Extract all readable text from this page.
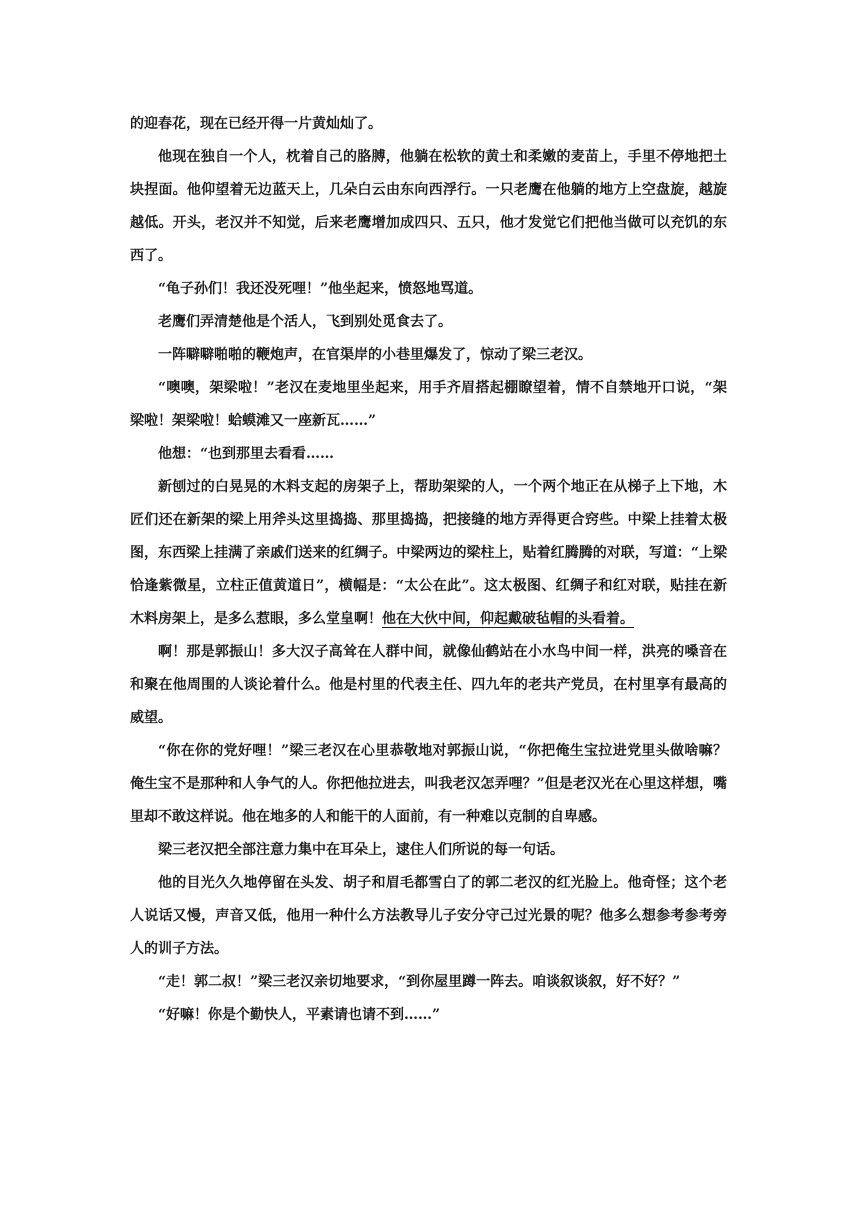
的迎春花，现在已经开得一片黄灿灿了。

他现在独自一个人，枕着自己的胳膊，他躺在松软的黄土和柔嫩的麦苗上，手里不停地把土块捏面。他仰望着无边蓝天上，几朵白云由东向西浮行。一只老鹰在他躺的地方上空盘旋，越旋越低。开头，老汉并不知觉，后来老鹰增加成四只、五只，他才发觉它们把他当做可以充饥的东西了。

“龟子孙们！我还没死哩！”他坐起来，愤怒地骂道。

老鹰们弄清楚他是个活人，飞到别处觅食去了。

一阵噼噼啪啪的鞭炮声，在官渠岸的小巷里爆发了，惊动了梁三老汉。

“噢噢，架梁啦！”老汉在麦地里坐起来，用手齐眉搭起棚瞭望着，情不自禁地开口说，“架梁啦！架梁啦！蛤蟆滩又一座新瓦……”

他想：“也到那里去看看……

新刨过的白晃晃的木料支起的房架子上，帮助架梁的人，一个两个地正在从梯子上下地，木匠们还在新架的梁上用斧头这里捣捣、那里捣捣，把接缝的地方弄得更合窍些。中梁上挂着太极图，东西梁上挂满了亲戚们送来的红绸子。中梁两边的梁柱上，贴着红腾腾的对联，写道：“上梁恰逢紫微星，立柱正值黄道日”，横幅是：“太公在此”。这太极图、红绸子和红对联，贴挂在新木料房架上，是多么惹眼，多么堂皇啊！他在大伙中间，仰起戴破毡帽的头看着。

啊！那是郭振山！多大汉子高耸在人群中间，就像仙鹤站在小水鸟中间一样，洪亮的嗓音在和聚在他周围的人谈论着什么。他是村里的代表主任、四九年的老共产党员，在村里享有最高的威望。

“你在你的党好哩！”梁三老汉在心里恭敬地对郭振山说，“你把俺生宝拉进党里头做啥嘛？俺生宝不是那种和人争气的人。你把他拉进去，叫我老汉怎弄哩？”但是老汉光在心里这样想，嘴里却不敢这样说。他在地多的人和能干的人面前，有一种难以克制的自卑感。

梁三老汉把全部注意力集中在耳朵上，逮住人们所说的每一句话。

他的目光久久地停留在头发、胡子和眉毛都雪白了的郭二老汉的红光脸上。他奇怪；这个老人说话又慢，声音又低，他用一种什么方法教导儿子安分守己过光景的呢？他多么想参考参考旁人的训子方法。

“走！郭二叔！”梁三老汉亲切地要求，“到你屋里蹲一阵去。咱谈叙谈叙，好不好？”

“好嘛！你是个勤快人，平素请也请不到……”
